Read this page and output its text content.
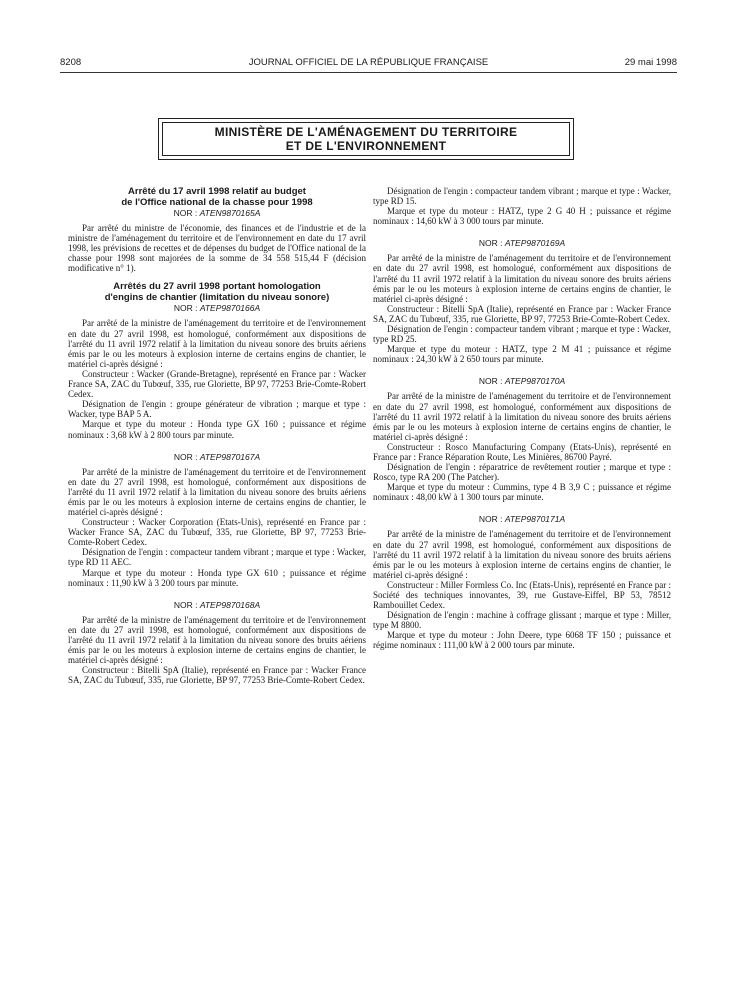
8208	JOURNAL OFFICIEL DE LA RÉPUBLIQUE FRANÇAISE	29 mai 1998
MINISTÈRE DE L'AMÉNAGEMENT DU TERRITOIRE
ET DE L'ENVIRONNEMENT

Arrêté du 17 avril 1998 relatif au budget

de l'Office national de la chasse pour 1998

NOR : ATEN9870165A

Par arrêté du ministre de l'économie, des finances et de l'industrie et de la ministre de l'aménagement du territoire et de l'environnement en date du 17 avril 1998, les prévisions de recettes et de dépenses du budget de l'Office national de la chasse pour 1998 sont majorées de la somme de 34 558 515,44 F (décision modificative n° 1).

Arrêtés du 27 avril 1998 portant homologation

d'engins de chantier (limitation du niveau sonore)

NOR : ATEP9870166A

Par arrêté de la ministre de l'aménagement du territoire et de l'environnement en date du 27 avril 1998, est homologué, conformément aux dispositions de l'arrêté du 11 avril 1972 relatif à la limitation du niveau sonore des bruits aériens émis par le ou les moteurs à explosion interne de certains engins de chantier, le matériel ci-après désigné :

Constructeur : Wacker (Grande-Bretagne), représenté en France par : Wacker France SA, ZAC du Tubœuf, 335, rue Gloriette, BP 97, 77253 Brie-Comte-Robert Cedex.

Désignation de l'engin : groupe générateur de vibration ; marque et type : Wacker, type BAP 5 A.

Marque et type du moteur : Honda type GX 160 ; puissance et régime nominaux : 3,68 kW à 2 800 tours par minute.

NOR : ATEP9870167A

Par arrêté de la ministre de l'aménagement du territoire et de l'environnement en date du 27 avril 1998, est homologué, conformément aux dispositions de l'arrêté du 11 avril 1972 relatif à la limitation du niveau sonore des bruits aériens émis par le ou les moteurs à explosion interne de certains engins de chantier, le matériel ci-après désigné :

Constructeur : Wacker Corporation (Etats-Unis), représenté en France par : Wacker France SA, ZAC du Tubœuf, 335, rue Gloriette, BP 97, 77253 Brie-Comte-Robert Cedex.

Désignation de l'engin : compacteur tandem vibrant ; marque et type : Wacker, type RD 11 AEC.

Marque et type du moteur : Honda type GX 610 ; puissance et régime nominaux : 11,90 kW à 3 200 tours par minute.

NOR : ATEP9870168A

Par arrêté de la ministre de l'aménagement du territoire et de l'environnement en date du 27 avril 1998, est homologué, conformément aux dispositions de l'arrêté du 11 avril 1972 relatif à la limitation du niveau sonore des bruits aériens émis par le ou les moteurs à explosion interne de certains engins de chantier, le matériel ci-après désigné :

Constructeur : Bitelli SpA (Italie), représenté en France par : Wacker France SA, ZAC du Tubœuf, 335, rue Gloriette, BP 97, 77253 Brie-Comte-Robert Cedex.

Désignation de l'engin : compacteur tandem vibrant ; marque et type : Wacker, type RD 15.

Marque et type du moteur : HATZ, type 2 G 40 H ; puissance et régime nominaux : 14,60 kW à 3 000 tours par minute.

NOR : ATEP9870169A

Par arrêté de la ministre de l'aménagement du territoire et de l'environnement en date du 27 avril 1998, est homologué, conformément aux dispositions de l'arrêté du 11 avril 1972 relatif à la limitation du niveau sonore des bruits aériens émis par le ou les moteurs à explosion interne de certains engins de chantier, le matériel ci-après désigné :

Constructeur : Bitelli SpA (Italie), représenté en France par : Wacker France SA, ZAC du Tubœuf, 335, rue Gloriette, BP 97, 77253 Brie-Comte-Robert Cedex.

Désignation de l'engin : compacteur tandem vibrant ; marque et type : Wacker, type RD 25.

Marque et type du moteur : HATZ, type 2 M 41 ; puissance et régime nominaux : 24,30 kW à 2 650 tours par minute.

NOR : ATEP9870170A

Par arrêté de la ministre de l'aménagement du territoire et de l'environnement en date du 27 avril 1998, est homologué, conformément aux dispositions de l'arrêté du 11 avril 1972 relatif à la limitation du niveau sonore des bruits aériens émis par le ou les moteurs à explosion interne de certains engins de chantier, le matériel ci-après désigné :

Constructeur : Rosco Manufacturing Company (Etats-Unis), représenté en France par : France Réparation Route, Les Minières, 86700 Payré.

Désignation de l'engin : réparatrice de revêtement routier ; marque et type : Rosco, type RA 200 (The Patcher).

Marque et type du moteur : Cummins, type 4 B 3,9 C ; puissance et régime nominaux : 48,00 kW à 1 300 tours par minute.

NOR : ATEP9870171A

Par arrêté de la ministre de l'aménagement du territoire et de l'environnement en date du 27 avril 1998, est homologué, conformément aux dispositions de l'arrêté du 11 avril 1972 relatif à la limitation du niveau sonore des bruits aériens émis par le ou les moteurs à explosion interne de certains engins de chantier, le matériel ci-après désigné :

Constructeur : Miller Formless Co. Inc (Etats-Unis), représenté en France par : Société des techniques innovantes, 39, rue Gustave-Eiffel, BP 53, 78512 Rambouillet Cedex.

Désignation de l'engin : machine à coffrage glissant ; marque et type : Miller, type M 8800.

Marque et type du moteur : John Deere, type 6068 TF 150 ; puissance et régime nominaux : 111,00 kW à 2 000 tours par minute.
